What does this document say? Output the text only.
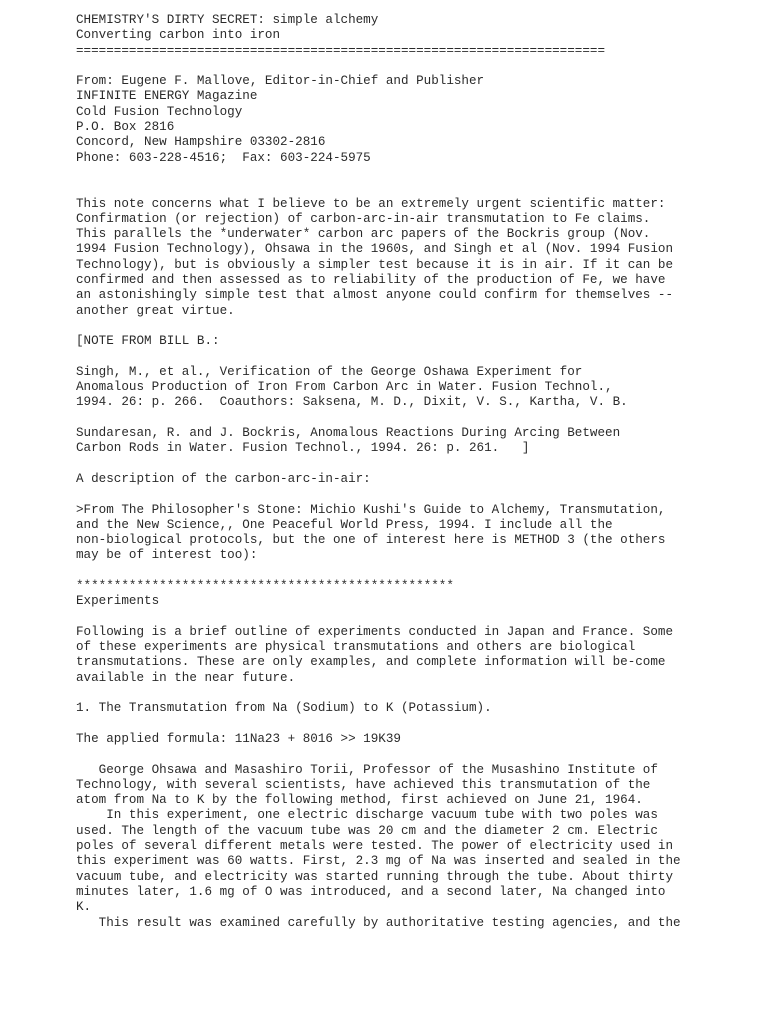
CHEMISTRY'S DIRTY SECRET: simple alchemy
Converting carbon into iron
======================================================================
From: Eugene F. Mallove, Editor-in-Chief and Publisher
INFINITE ENERGY Magazine
Cold Fusion Technology
P.O. Box 2816
Concord, New Hampshire 03302-2816
Phone: 603-228-4516;  Fax: 603-224-5975
This note concerns what I believe to be an extremely urgent scientific matter:
Confirmation (or rejection) of carbon-arc-in-air transmutation to Fe claims.
This parallels the *underwater* carbon arc papers of the Bockris group (Nov.
1994 Fusion Technology), Ohsawa in the 1960s, and Singh et al (Nov. 1994 Fusion
Technology), but is obviously a simpler test because it is in air. If it can be
confirmed and then assessed as to reliability of the production of Fe, we have
an astonishingly simple test that almost anyone could confirm for themselves --
another great virtue.
[NOTE FROM BILL B.:
Singh, M., et al., Verification of the George Oshawa Experiment for
Anomalous Production of Iron From Carbon Arc in Water. Fusion Technol.,
1994. 26: p. 266.  Coauthors: Saksena, M. D., Dixit, V. S., Kartha, V. B.
Sundaresan, R. and J. Bockris, Anomalous Reactions During Arcing Between
Carbon Rods in Water. Fusion Technol., 1994. 26: p. 261.   ]
A description of the carbon-arc-in-air:
>From The Philosopher's Stone: Michio Kushi's Guide to Alchemy, Transmutation,
and the New Science,, One Peaceful World Press, 1994. I include all the
non-biological protocols, but the one of interest here is METHOD 3 (the others
may be of interest too):
**************************************************
Experiments
Following is a brief outline of experiments conducted in Japan and France. Some
of these experiments are physical transmutations and others are biological
transmutations. These are only examples, and complete information will be-come
available in the near future.
1. The Transmutation from Na (Sodium) to K (Potassium).
The applied formula: 11Na23 + 8016 >> 19K39
George Ohsawa and Masashiro Torii, Professor of the Musashino Institute of
Technology, with several scientists, have achieved this transmutation of the
atom from Na to K by the following method, first achieved on June 21, 1964.
In this experiment, one electric discharge vacuum tube with two poles was
used. The length of the vacuum tube was 20 cm and the diameter 2 cm. Electric
poles of several different metals were tested. The power of electricity used in
this experiment was 60 watts. First, 2.3 mg of Na was inserted and sealed in the
vacuum tube, and electricity was started running through the tube. About thirty
minutes later, 1.6 mg of O was introduced, and a second later, Na changed into
K.
This result was examined carefully by authoritative testing agencies, and the
